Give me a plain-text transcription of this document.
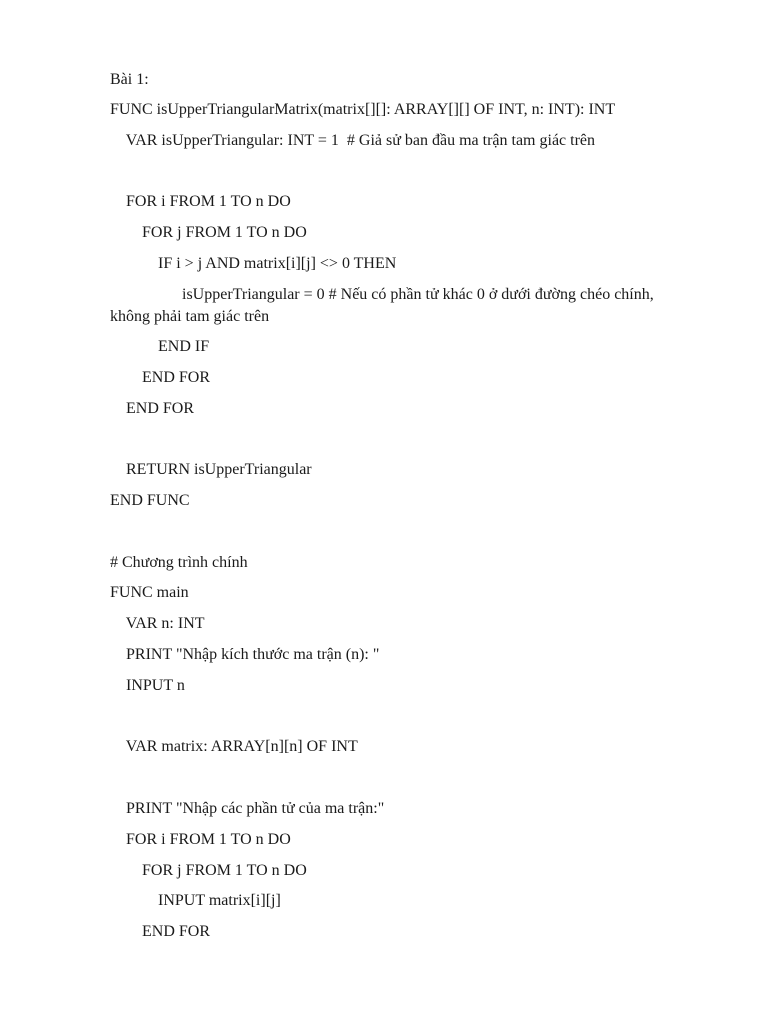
Bài 1:

FUNC isUpperTriangularMatrix(matrix[][]: ARRAY[][] OF INT, n: INT): INT

VAR isUpperTriangular: INT = 1  # Giả sử ban đầu ma trận tam giác trên

FOR i FROM 1 TO n DO

FOR j FROM 1 TO n DO

IF i > j AND matrix[i][j] <> 0 THEN

isUpperTriangular = 0 # Nếu có phần tử khác 0 ở dưới đường chéo chính, không phải tam giác trên

END IF

END FOR

END FOR

RETURN isUpperTriangular

END FUNC

# Chương trình chính

FUNC main

VAR n: INT

PRINT "Nhập kích thước ma trận (n): "

INPUT n

VAR matrix: ARRAY[n][n] OF INT

PRINT "Nhập các phần tử của ma trận:"

FOR i FROM 1 TO n DO

FOR j FROM 1 TO n DO

INPUT matrix[i][j]

END FOR
